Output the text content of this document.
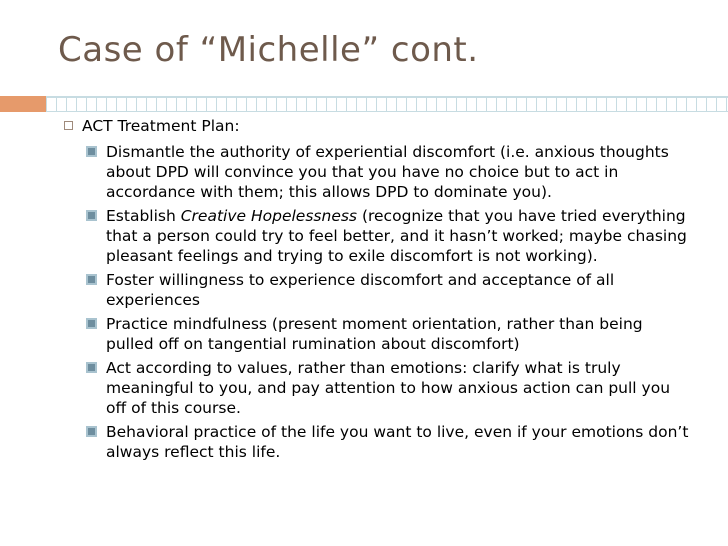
Case of “Michelle” cont.
ACT Treatment Plan:
Dismantle the authority of experiential discomfort (i.e. anxious thoughts about DPD will convince you that you have no choice but to act in accordance with them; this allows DPD to dominate you).
Establish Creative Hopelessness (recognize that you have tried everything that a person could try to feel better, and it hasn’t worked; maybe chasing pleasant feelings and trying to exile discomfort is not working).
Foster willingness to experience discomfort and acceptance of all experiences
Practice mindfulness (present moment orientation, rather than being pulled off on tangential rumination about discomfort)
Act according to values, rather than emotions: clarify what is truly meaningful to you, and pay attention to how anxious action can pull you off of this course.
Behavioral practice of the life you want to live, even if your emotions don’t always reflect this life.
